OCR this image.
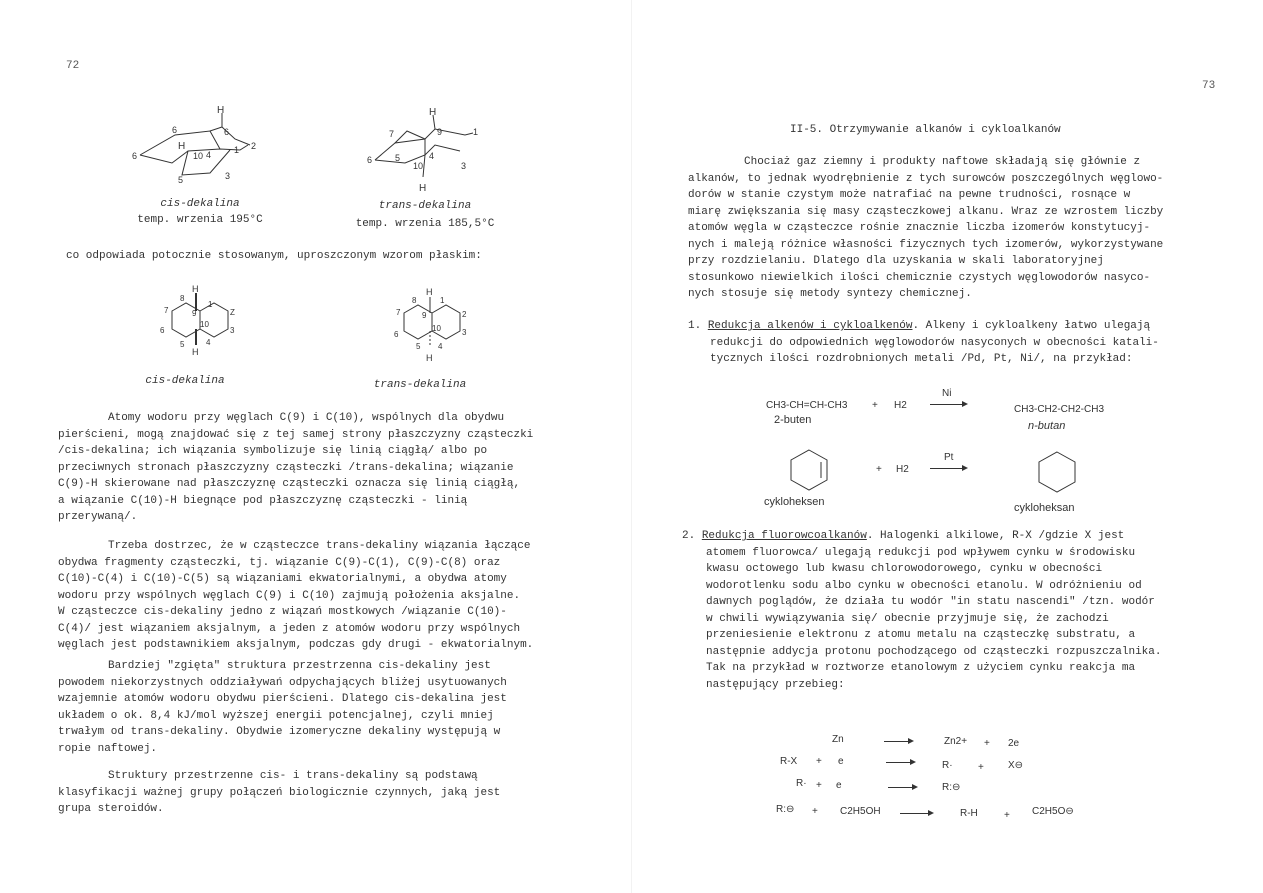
72
H
6	6
6
5
H
10 4	1 2
3
H
7	9	1
6	5
10
4
3
H
cis-dekalina
temp. wrzenia 195°C
trans-dekalina
temp. wrzenia 185,5°C
co odpowiada potocznie stosowanym, uproszczonym wzorom płaskim:
H
8
9
1
7	Z
6
10
3
5	4
H
H
8	1
7	9	2
6
10	3
5 4
H
cis-dekalina	trans-dekalina
Atomy wodoru przy węglach C(9) i C(10), wspólnych dla obydwu
pierścieni, mogą znajdować się z tej samej strony płaszczyzny cząsteczki
/cis-dekalina; ich wiązania symbolizuje się linią ciągłą/ albo po
przeciwnych stronach płaszczyzny cząsteczki /trans-dekalina; wiązanie
C(9)-H skierowane nad płaszczyznę cząsteczki oznacza się linią ciągłą,
a wiązanie C(10)-H biegnące pod płaszczyznę cząsteczki - linią
przerywaną/.
Trzeba dostrzec, że w cząsteczce trans-dekaliny wiązania łączące
obydwa fragmenty cząsteczki, tj. wiązanie C(9)-C(1), C(9)-C(8) oraz
C(10)-C(4) i C(10)-C(5) są wiązaniami ekwatorialnymi, a obydwa atomy
wodoru przy wspólnych węglach C(9) i C(10) zajmują położenia aksjalne.
W cząsteczce cis-dekaliny jedno z wiązań mostkowych /wiązanie C(10)-
C(4)/ jest wiązaniem aksjalnym, a jeden z atomów wodoru przy wspólnych
węglach jest podstawnikiem aksjalnym, podczas gdy drugi - ekwatorialnym.
Bardziej "zgięta" struktura przestrzenna cis-dekaliny jest
powodem niekorzystnych oddziaływań odpychających bliżej usytuowanych
wzajemnie atomów wodoru obydwu pierścieni. Dlatego cis-dekalina jest
układem o ok. 8,4 kJ/mol wyższej energii potencjalnej, czyli mniej
trwałym od trans-dekaliny. Obydwie izomeryczne dekaliny występują w
ropie naftowej.
Struktury przestrzenne cis- i trans-dekaliny są podstawą
klasyfikacji ważnej grupy połączeń biologicznie czynnych, jaką jest
grupa steroidów.
73
II-5. Otrzymywanie alkanów i cykloalkanów
Chociaż gaz ziemny i produkty naftowe składają się głównie z
alkanów, to jednak wyodrębnienie z tych surowców poszczególnych węglowo-
dorów w stanie czystym może natrafiać na pewne trudności, rosnące w
miarę zwiększania się masy cząsteczkowej alkanu. Wraz ze wzrostem liczby
atomów węgla w cząsteczce rośnie znacznie liczba izomerów konstytucyj-
nych i maleją różnice własności fizycznych tych izomerów, wykorzystywane
przy rozdzielaniu. Dlatego dla uzyskania w skali laboratoryjnej
stosunkowo niewielkich ilości chemicznie czystych węglowodorów nasyco-
nych stosuje się metody syntezy chemicznej.
1. Redukcja alkenów i cykloalkenów. Alkeny i cykloalkeny łatwo ulegają
redukcji do odpowiednich węglowodorów nasyconych w obecności katali-
tycznych ilości rozdrobnionych metali /Pd, Pt, Ni/, na przykład:
CH3-CH=CH-CH3 + H2
Ni
CH3-CH2-CH2-CH3
2-buten	n-butan
+ H2
Pt
cykloheksen	cykloheksan
2. Redukcja fluorowcoalkanów. Halogenki alkilowe, R-X /gdzie X jest
atomem fluorowca/ ulegają redukcji pod wpływem cynku w środowisku
kwasu octowego lub kwasu chlorowodorowego, cynku w obecności
wodorotlenku sodu albo cynku w obecności etanolu. W odróżnieniu od
dawnych poglądów, że działa tu wodór "in statu nascendi" /tzn. wodór
w chwili wywiązywania się/ obecnie przyjmuje się, że zachodzi
przeniesienie elektronu z atomu metalu na cząsteczkę substratu, a
następnie addycja protonu pochodzącego od cząsteczki rozpuszczalnika.
Tak na przykład w roztworze etanolowym z użyciem cynku reakcja ma
następujący przebieg:
Zn	Zn2+ + 2e
R-X + e	R·	+ X⊖
R· + e	R:⊖
R:⊖ + C2H5OH	R-H	+ C2H5O⊖
